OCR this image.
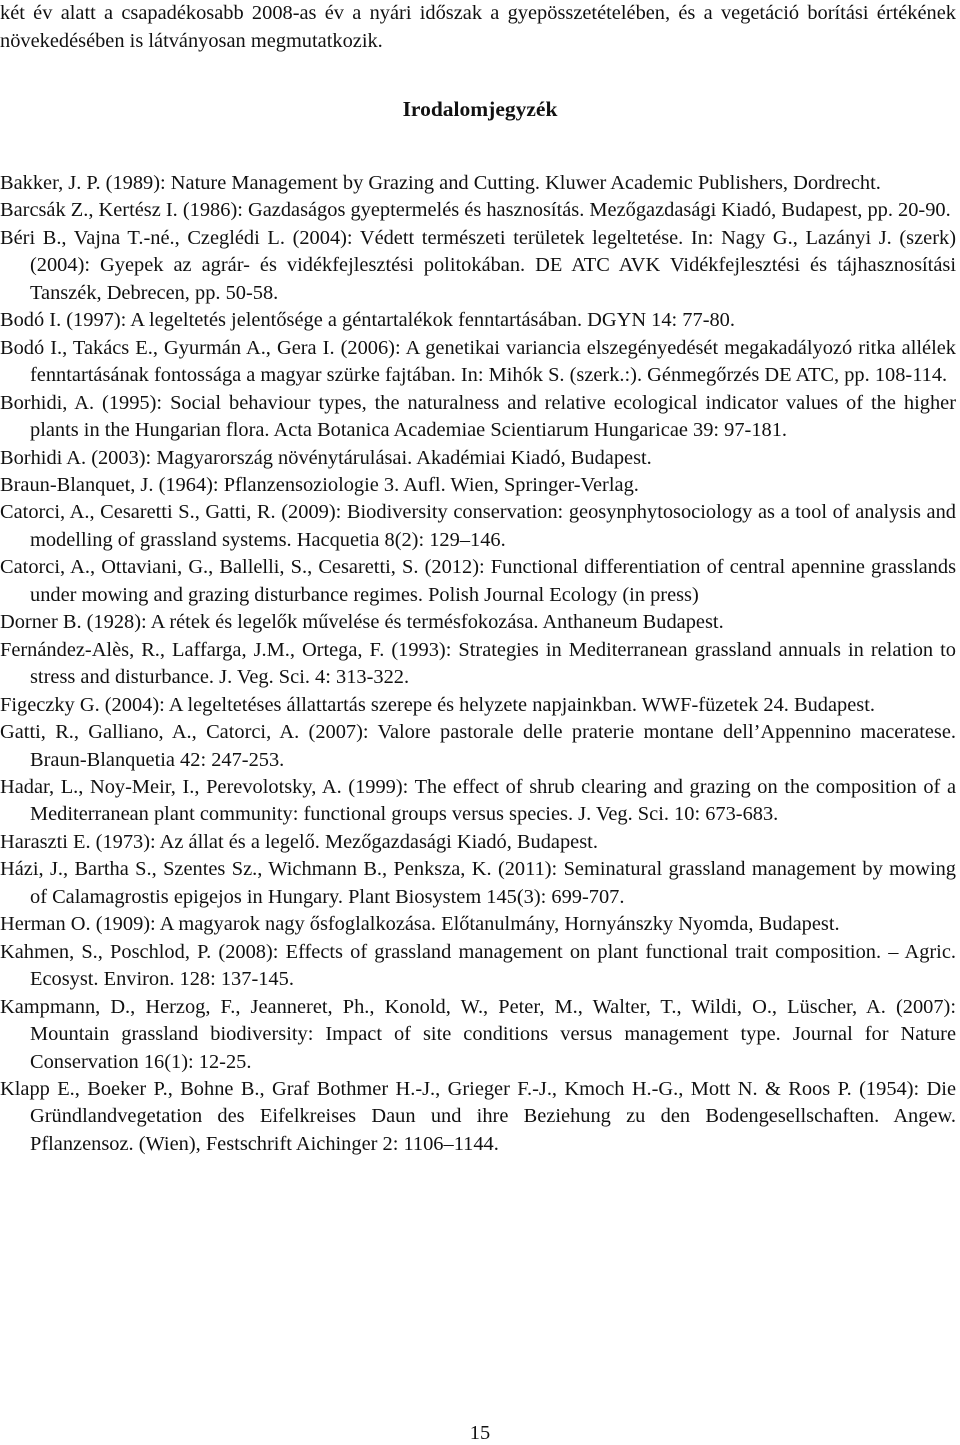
két év alatt a csapadékosabb 2008-as év a nyári időszak a gyepösszetételében, és a vegetáció borítási értékének növekedésében is látványosan megmutatkozik.

Irodalomjegyzék
Bakker, J. P. (1989): Nature Management by Grazing and Cutting. Kluwer Academic Publishers, Dordrecht.
Barcsák Z., Kertész I. (1986): Gazdaságos gyeptermelés és hasznosítás. Mezőgazdasági Kiadó, Budapest, pp. 20-90.
Béri B., Vajna T.-né., Czeglédi L. (2004): Védett természeti területek legeltetése. In: Nagy G., Lazányi J. (szerk) (2004): Gyepek az agrár- és vidékfejlesztési politokában. DE ATC AVK Vidékfejlesztési és tájhasznosítási Tanszék, Debrecen, pp. 50-58.
Bodó I. (1997): A legeltetés jelentősége a géntartalékok fenntartásában. DGYN 14: 77-80.
Bodó I., Takács E., Gyurmán A., Gera I. (2006): A genetikai variancia elszegényedését megakadályozó ritka allélek fenntartásának fontossága a magyar szürke fajtában. In: Mihók S. (szerk.:). Génmegőrzés DE ATC, pp. 108-114.
Borhidi, A. (1995): Social behaviour types, the naturalness and relative ecological indicator values of the higher plants in the Hungarian flora. Acta Botanica Academiae Scientiarum Hungaricae 39: 97-181.
Borhidi A. (2003): Magyarország növénytárulásai. Akadémiai Kiadó, Budapest.
Braun-Blanquet, J. (1964): Pflanzensoziologie 3. Aufl. Wien, Springer-Verlag.
Catorci, A., Cesaretti S., Gatti, R. (2009): Biodiversity conservation: geosynphytosociology as a tool of analysis and modelling of grassland systems. Hacquetia 8(2): 129–146.
Catorci, A., Ottaviani, G., Ballelli, S., Cesaretti, S. (2012): Functional differentiation of central apennine grasslands under mowing and grazing disturbance regimes. Polish Journal Ecology (in press)
Dorner B. (1928): A rétek és legelők művelése és termésfokozása. Anthaneum Budapest.
Fernández-Alès, R., Laffarga, J.M., Ortega, F. (1993): Strategies in Mediterranean grassland annuals in relation to stress and disturbance. J. Veg. Sci. 4: 313-322.
Figeczky G. (2004): A legeltetéses állattartás szerepe és helyzete napjainkban. WWF-füzetek 24. Budapest.
Gatti, R., Galliano, A., Catorci, A. (2007): Valore pastorale delle praterie montane dell’Appennino maceratese. Braun-Blanquetia 42: 247-253.
Hadar, L., Noy-Meir, I., Perevolotsky, A. (1999): The effect of shrub clearing and grazing on the composition of a Mediterranean plant community: functional groups versus species. J. Veg. Sci. 10: 673-683.
Haraszti E. (1973): Az állat és a legelő. Mezőgazdasági Kiadó, Budapest.
Házi, J., Bartha S., Szentes Sz., Wichmann B., Penksza, K. (2011): Seminatural grassland management by mowing of Calamagrostis epigejos in Hungary. Plant Biosystem 145(3): 699-707.
Herman O. (1909): A magyarok nagy ősfoglalkozása. Előtanulmány, Hornyánszky Nyomda, Budapest.
Kahmen, S., Poschlod, P. (2008): Effects of grassland management on plant functional trait composition. – Agric. Ecosyst. Environ. 128: 137-145.
Kampmann, D., Herzog, F., Jeanneret, Ph., Konold, W., Peter, M., Walter, T., Wildi, O., Lüscher, A. (2007): Mountain grassland biodiversity: Impact of site conditions versus management type. Journal for Nature Conservation 16(1): 12-25.
Klapp E., Boeker P., Bohne B., Graf Bothmer H.-J., Grieger F.-J., Kmoch H.-G., Mott N. & Roos P. (1954): Die Gründlandvegetation des Eifelkreises Daun und ihre Beziehung zu den Bodengesellschaften. Angew. Pflanzensoz. (Wien), Festschrift Aichinger 2: 1106–1144.
15
